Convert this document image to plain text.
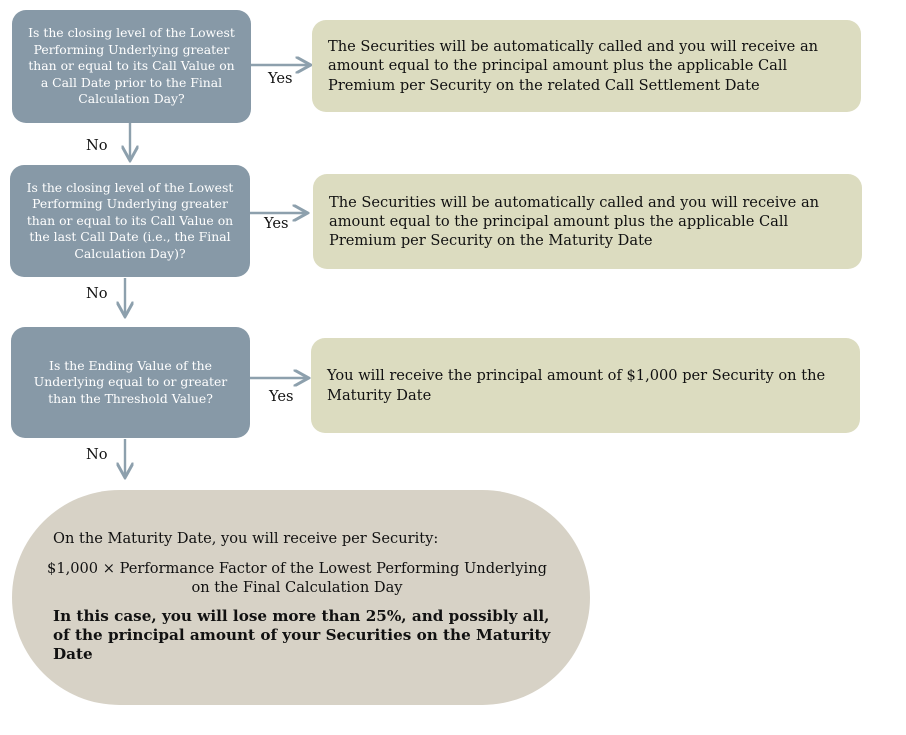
Is the closing level of the Lowest Performing Underlying greater than or equal to its Call Value on a Call Date prior to the Final Calculation Day?
Yes
No
The Securities will be automatically called and you will receive an amount equal to the principal amount plus the applicable Call Premium per Security on the related Call Settlement Date
Is the closing level of the Lowest Performing Underlying greater than or equal to its Call Value on the last Call Date (i.e., the Final Calculation Day)?
Yes
No
The Securities will be automatically called and you will receive an amount equal to the principal amount plus the applicable Call Premium per Security on the Maturity Date
Is the Ending Value of the Underlying equal to or greater than the Threshold Value?	Yes
No
You will receive the principal amount of $1,000 per Security on the Maturity Date
On the Maturity Date, you will receive per Security:
$1,000 × Performance Factor of the Lowest Performing Underlying
on the Final Calculation Day
In this case, you will lose more than 25%, and possibly all, of the principal amount of your Securities on the Maturity Date
